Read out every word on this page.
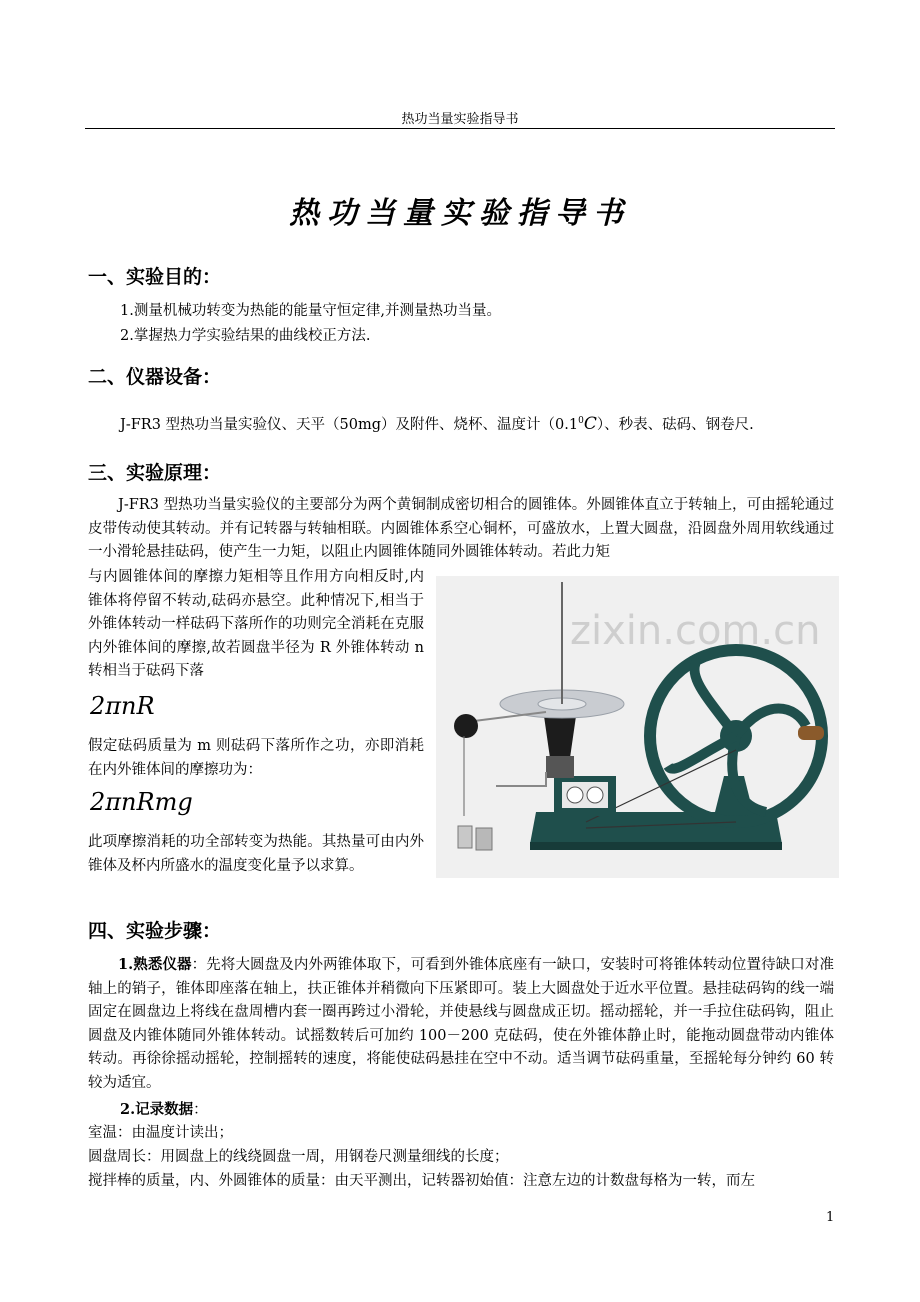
热功当量实验指导书
热功当量实验指导书
一、实验目的：
1.测量机械功转变为热能的能量守恒定律,并测量热功当量。
2.掌握热力学实验结果的曲线校正方法.
二、仪器设备：
J-FR3 型热功当量实验仪、天平（50mg）及附件、烧杯、温度计$(0.1^0C)$、秒表、砝码、钢卷尺.
三、实验原理：

J-FR3 型热功当量实验仪的主要部分为两个黄铜制成密切相合的圆锥体。外圆锥体直立于转轴上，可由摇轮通过皮带传动使其转动。并有记转器与转轴相联。内圆锥体系空心铜杯，可盛放水，上置大圆盘，沿圆盘外周用软线通过一小滑轮悬挂砝码，使产生一力矩，以阻止内圆锥体随同外圆锥体转动。若此力矩

与内圆锥体间的摩擦力矩相等且作用方向相反时,内锥体将停留不转动,砝码亦悬空。此种情况下,相当于外锥体转动一样砝码下落所作的功则完全消耗在克服内外锥体间的摩擦,故若圆盘半径为 R 外锥体转动 n 转相当于砝码下落

2πnR

假定砝码质量为 m 则砝码下落所作之功，亦即消耗在内外锥体间的摩擦功为：

2πnRmg

此项摩擦消耗的功全部转变为热能。其热量可由内外锥体及杯内所盛水的温度变化量予以求算。

zixin.com.cn
四、实验步骤：

1.熟悉仪器：先将大圆盘及内外两锥体取下，可看到外锥体底座有一缺口，安装时可将锥体转动位置待缺口对准轴上的销子，锥体即座落在轴上，扶正锥体并稍微向下压紧即可。装上大圆盘处于近水平位置。悬挂砝码钩的线一端固定在圆盘边上将线在盘周槽内套一圈再跨过小滑轮，并使悬线与圆盘成正切。摇动摇轮，并一手拉住砝码钩，阻止圆盘及内锥体随同外锥体转动。试摇数转后可加约 100－200 克砝码，使在外锥体静止时，能拖动圆盘带动内锥体转动。再徐徐摇动摇轮，控制摇转的速度，将能使砝码悬挂在空中不动。适当调节砝码重量，至摇轮每分钟约 60 转较为适宜。

2.记录数据：
室温：由温度计读出；
圆盘周长：用圆盘上的线绕圆盘一周，用钢卷尺测量细线的长度；
搅拌棒的质量，内、外圆锥体的质量：由天平测出，记转器初始值：注意左边的计数盘每格为一转，而左
1
